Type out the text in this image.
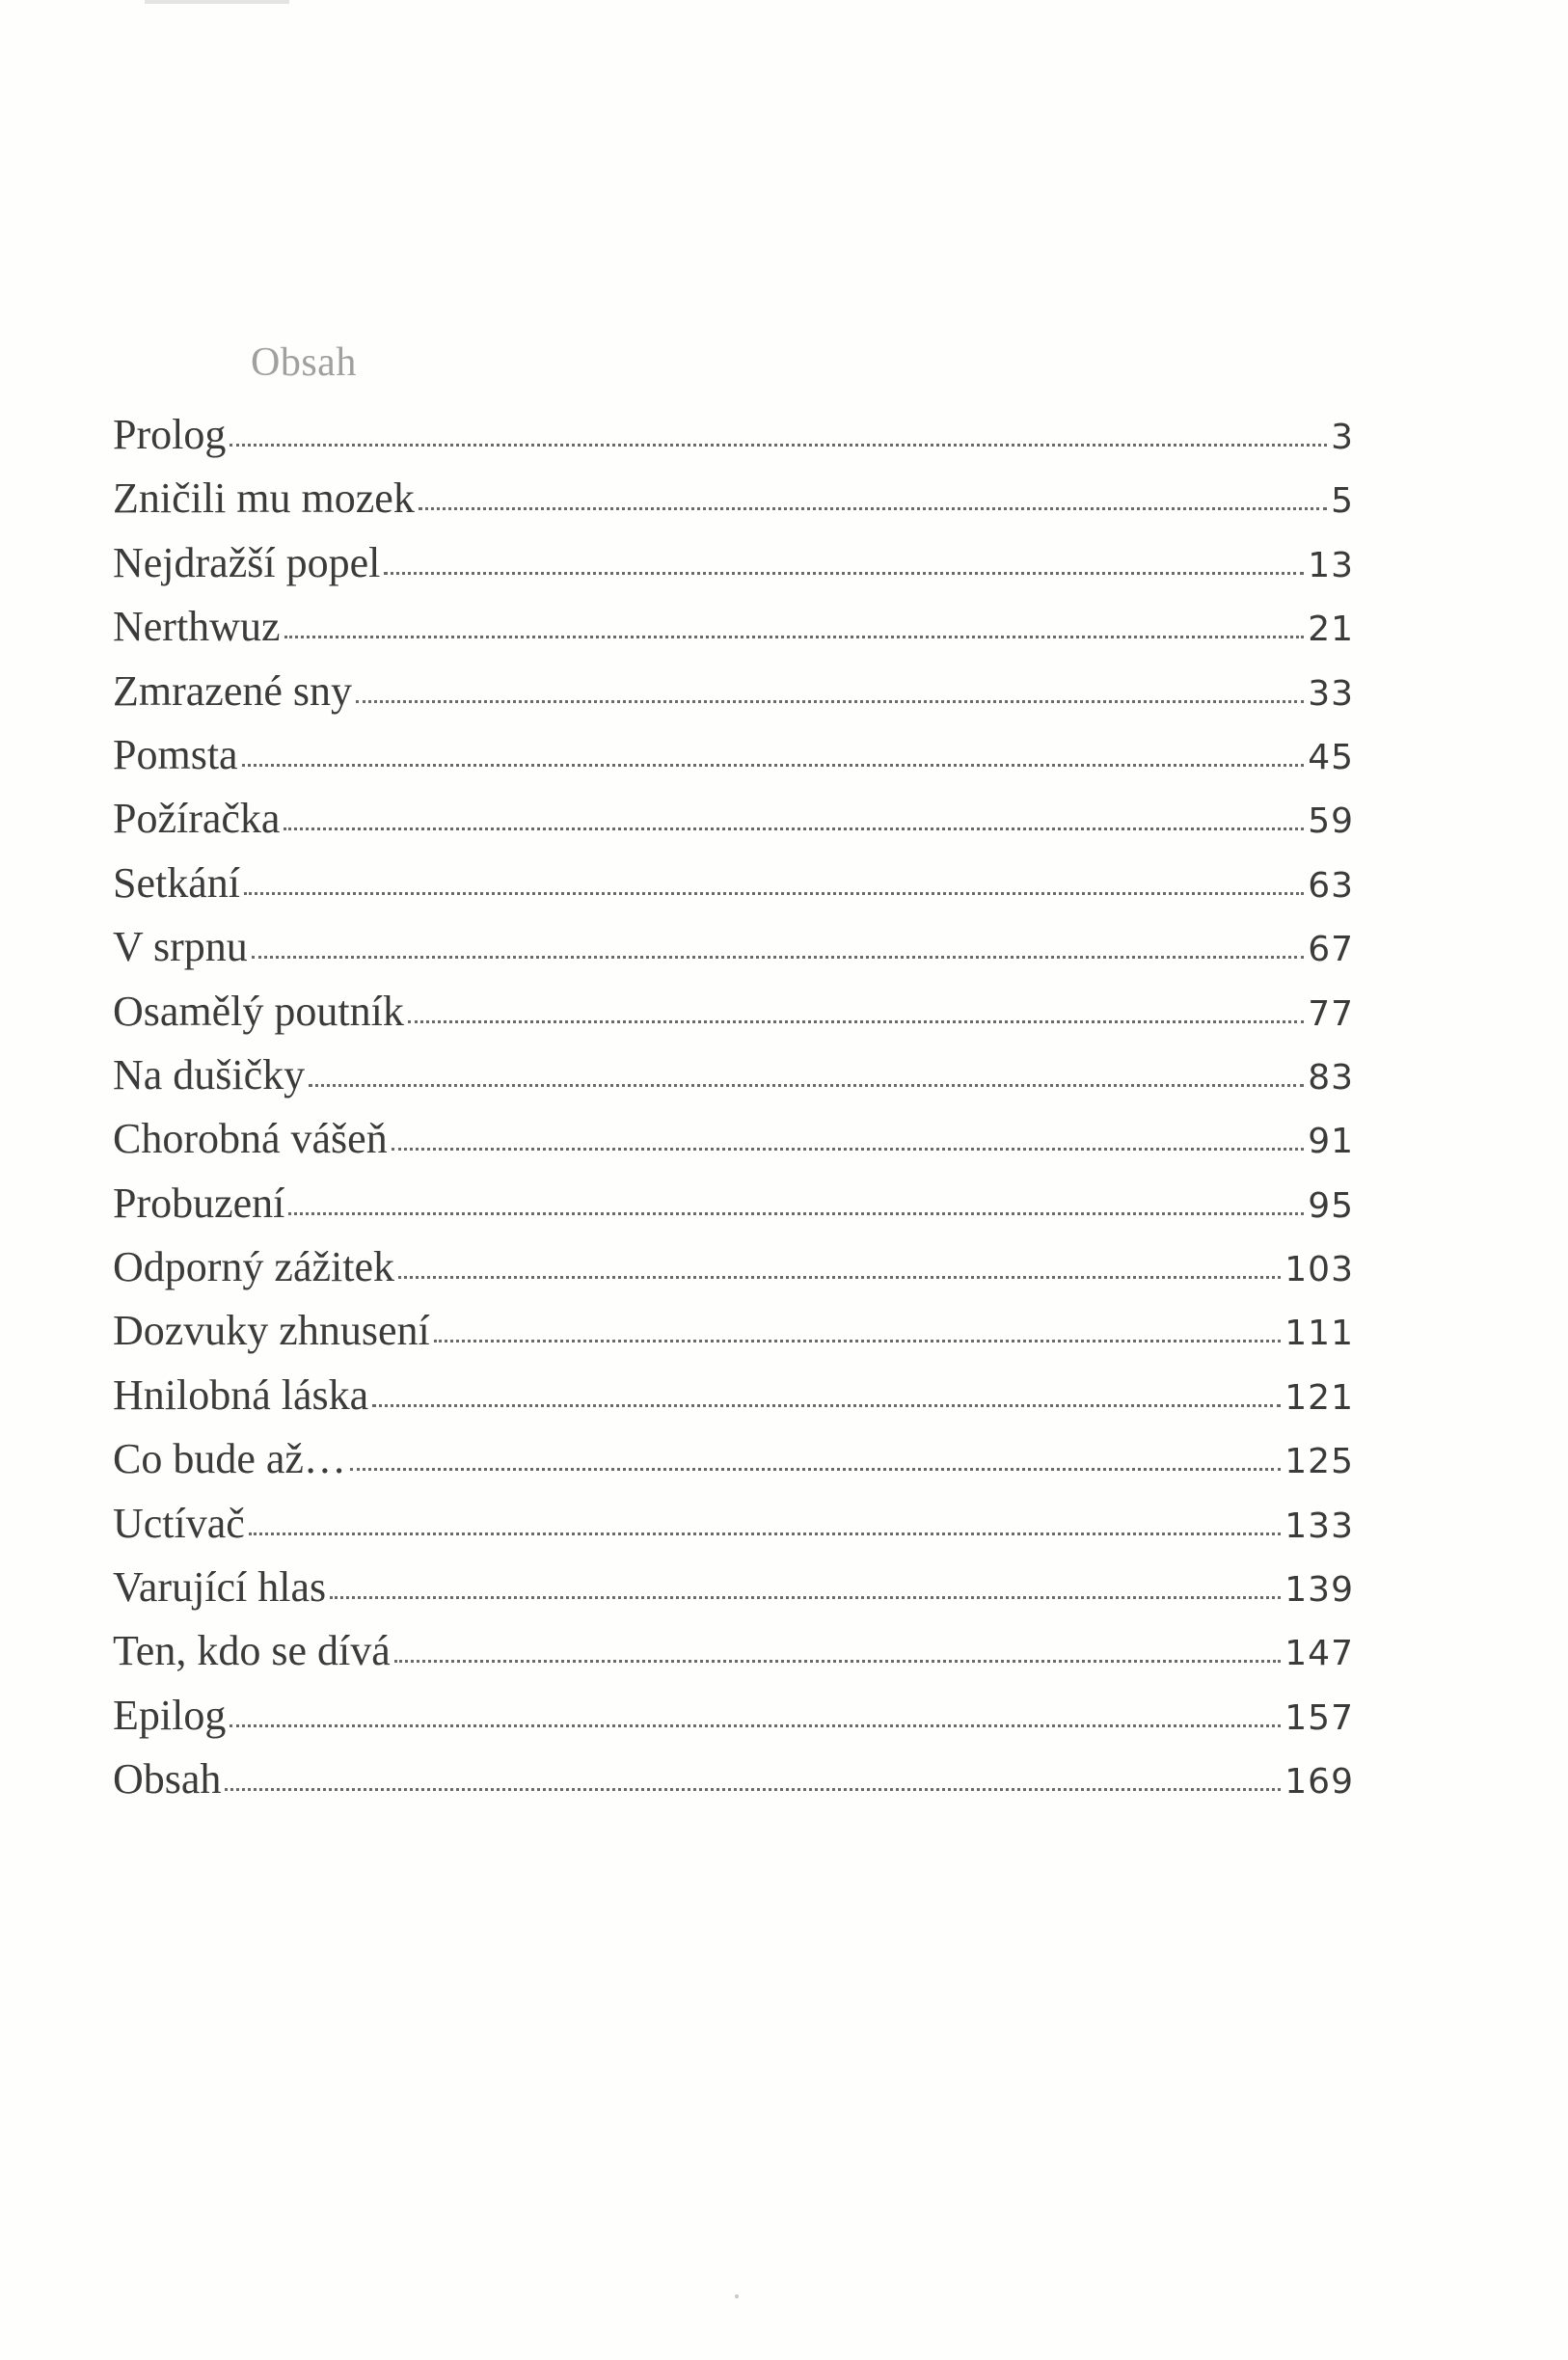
Obsah
Prolog	3
Zničili mu mozek	5
Nejdražší popel	13
Nerthwuz	21
Zmrazené sny	33
Pomsta	45
Požíračka	59
Setkání	63
V srpnu	67
Osamělý poutník	77
Na dušičky	83
Chorobná vášeň	91
Probuzení	95
Odporný zážitek	103
Dozvuky zhnusení	111
Hnilobná láska	121
Co bude až…	125
Uctívač	133
Varující hlas	139
Ten, kdo se dívá	147
Epilog	157
Obsah	169
